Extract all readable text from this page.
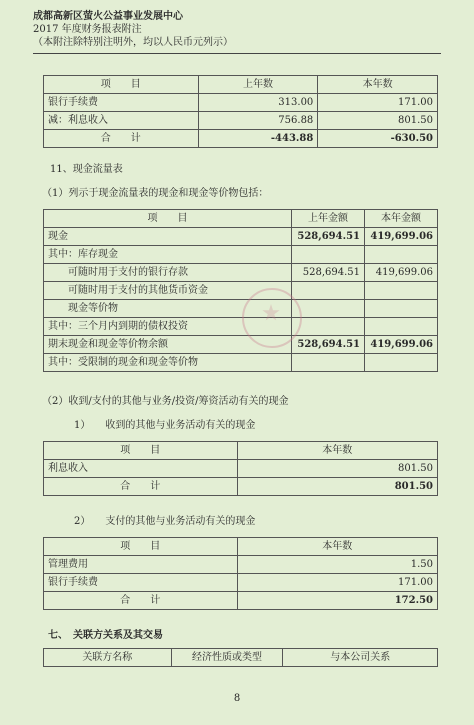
成都高新区萤火公益事业发展中心
2017 年度财务报表附注
（本附注除特别注明外，均以人民币元列示）
项　　目	上年数	本年数
银行手续费	313.00	171.00
减：利息收入	756.88	801.50
合　　计	-443.88	-630.50
11、现金流量表
（1）列示于现金流量表的现金和现金等价物包括：
项　　目	上年金额	本年金额
现金	528,694.51	419,699.06
其中：库存现金		
　　可随时用于支付的银行存款	528,694.51	419,699.06
　　可随时用于支付的其他货币资金		
　　现金等价物		
其中：三个月内到期的债权投资		
期末现金和现金等价物余额	528,694.51	419,699.06
其中：受限制的现金和现金等价物		
（2）收到/支付的其他与业务/投资/筹资活动有关的现金
1）　　收到的其他与业务活动有关的现金
项　　目	本年数
利息收入	801.50
合　　计	801.50
2）　　支付的其他与业务活动有关的现金
项　　目	本年数
管理费用	1.50
银行手续费	171.00
合　　计	172.50
七、　关联方关系及其交易
关联方名称	经济性质或类型	与本公司关系
8
